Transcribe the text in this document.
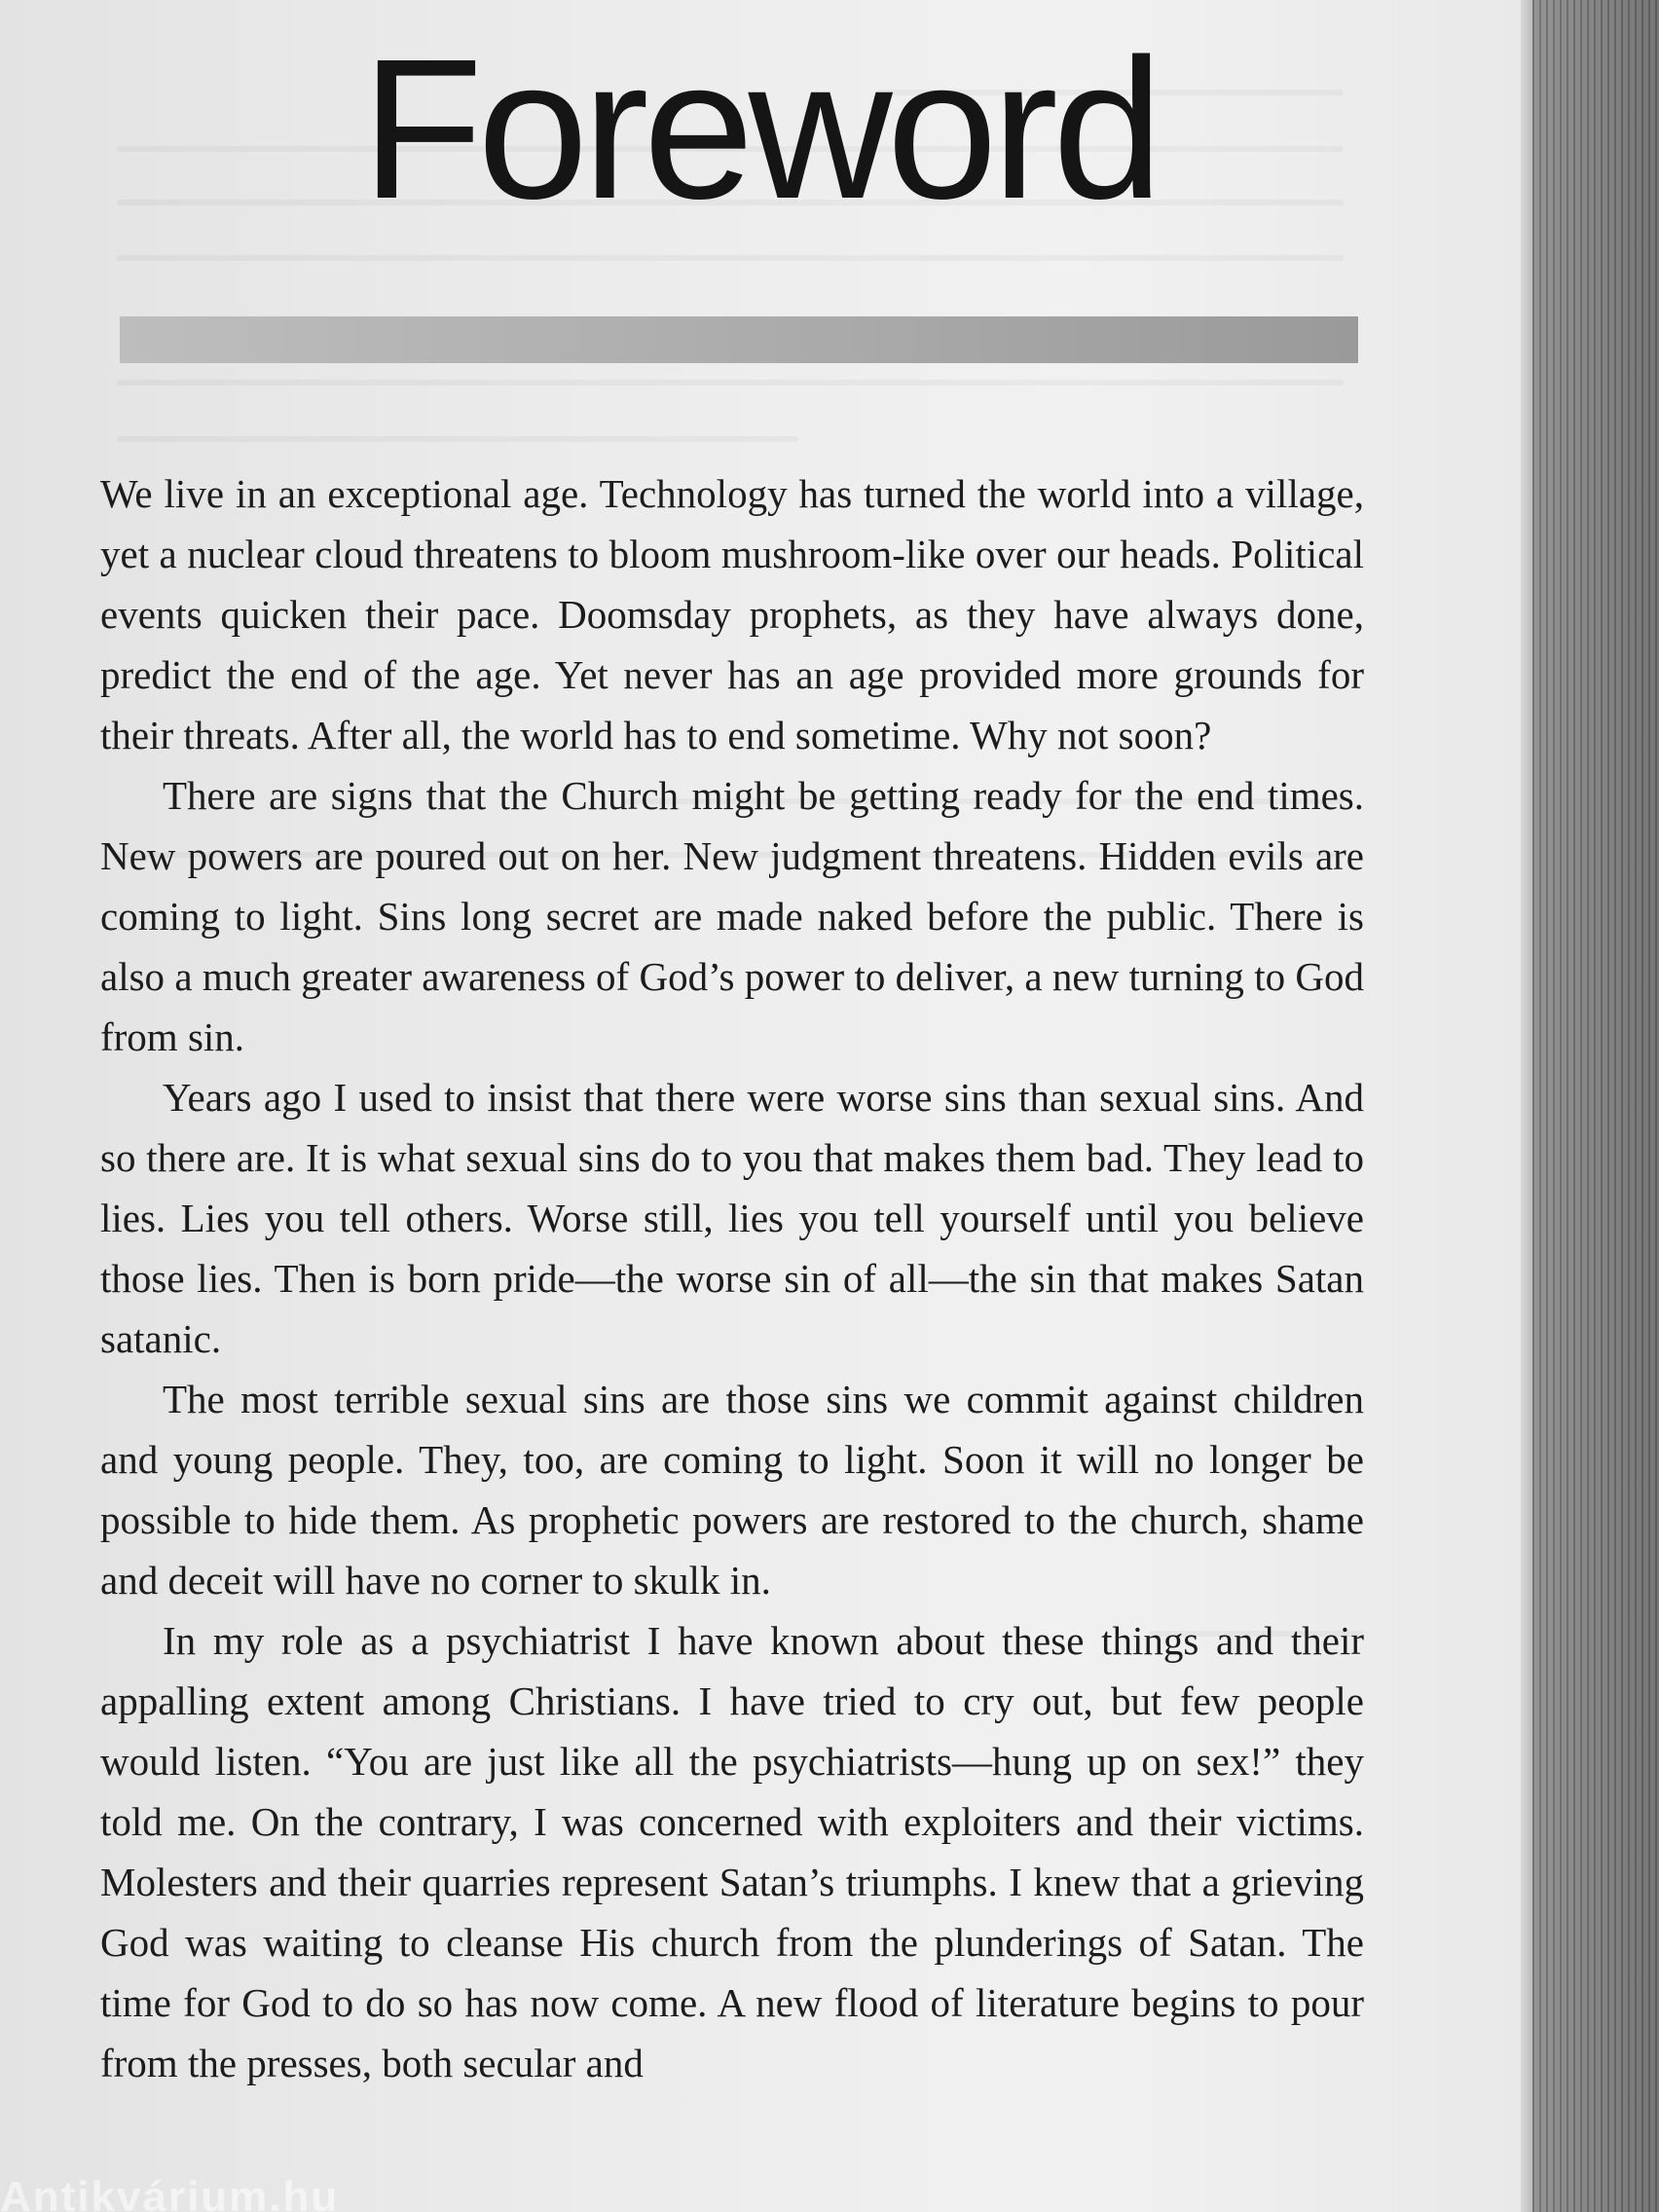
Foreword

We live in an exceptional age. Technology has turned the world into a village, yet a nuclear cloud threatens to bloom mushroom-like over our heads. Political events quicken their pace. Doomsday prophets, as they have always done, predict the end of the age. Yet never has an age provided more grounds for their threats. After all, the world has to end sometime. Why not soon?

There are signs that the Church might be getting ready for the end times. New powers are poured out on her. New judgment threatens. Hidden evils are coming to light. Sins long secret are made naked before the public. There is also a much greater awareness of God’s power to deliver, a new turning to God from sin.

Years ago I used to insist that there were worse sins than sexual sins. And so there are. It is what sexual sins do to you that makes them bad. They lead to lies. Lies you tell others. Worse still, lies you tell yourself until you believe those lies. Then is born pride—the worse sin of all—the sin that makes Satan satanic.

The most terrible sexual sins are those sins we commit against children and young people. They, too, are coming to light. Soon it will no longer be possible to hide them. As prophetic powers are restored to the church, shame and deceit will have no corner to skulk in.

In my role as a psychiatrist I have known about these things and their appalling extent among Christians. I have tried to cry out, but few people would listen. “You are just like all the psychiatrists—hung up on sex!” they told me. On the contrary, I was concerned with exploiters and their victims. Molesters and their quarries represent Satan’s triumphs. I knew that a grieving God was waiting to cleanse His church from the plunderings of Satan. The time for God to do so has now come. A new flood of literature begins to pour from the presses, both secular and

Antikvárium.hu
